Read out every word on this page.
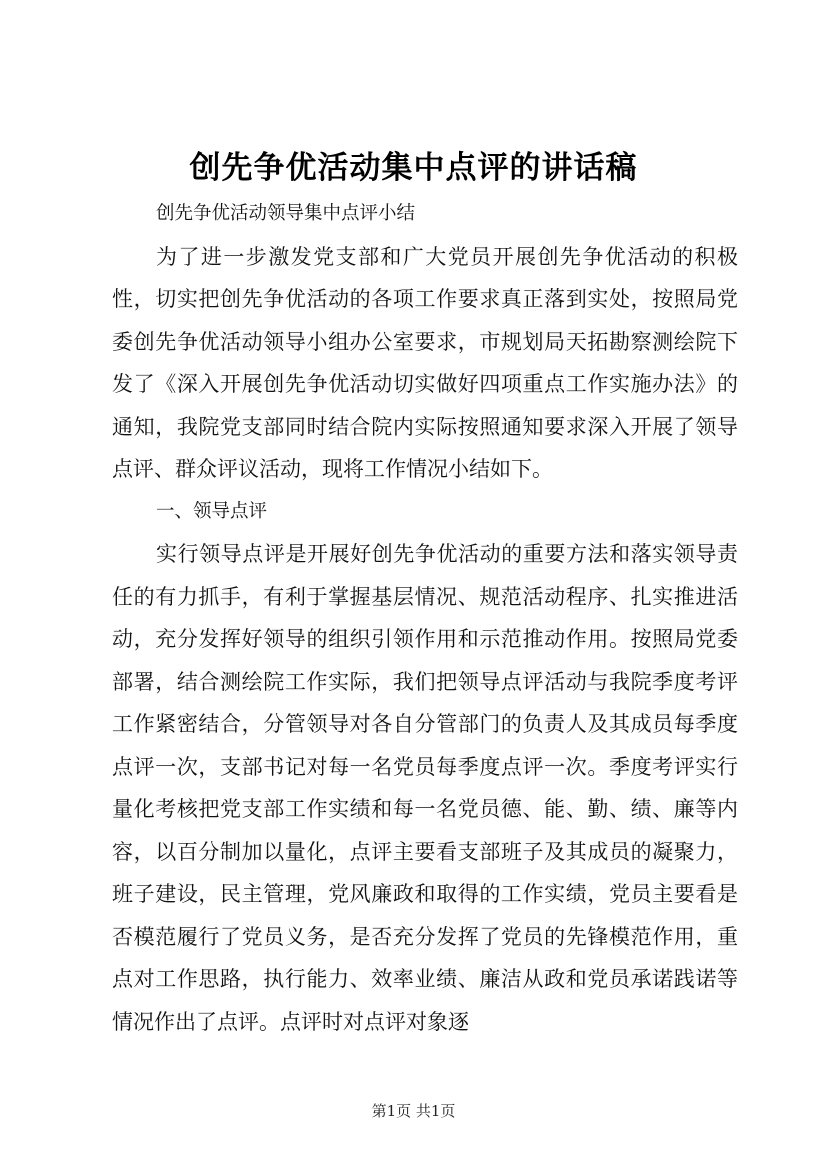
创先争优活动集中点评的讲话稿

创先争优活动领导集中点评小结

为了进一步激发党支部和广大党员开展创先争优活动的积极性，切实把创先争优活动的各项工作要求真正落到实处，按照局党委创先争优活动领导小组办公室要求，市规划局天拓勘察测绘院下发了《深入开展创先争优活动切实做好四项重点工作实施办法》的通知，我院党支部同时结合院内实际按照通知要求深入开展了领导点评、群众评议活动，现将工作情况小结如下。

一、领导点评

实行领导点评是开展好创先争优活动的重要方法和落实领导责任的有力抓手，有利于掌握基层情况、规范活动程序、扎实推进活动，充分发挥好领导的组织引领作用和示范推动作用。按照局党委部署，结合测绘院工作实际，我们把领导点评活动与我院季度考评工作紧密结合，分管领导对各自分管部门的负责人及其成员每季度点评一次，支部书记对每一名党员每季度点评一次。季度考评实行量化考核把党支部工作实绩和每一名党员德、能、勤、绩、廉等内容，以百分制加以量化，点评主要看支部班子及其成员的凝聚力，班子建设，民主管理，党风廉政和取得的工作实绩，党员主要看是否模范履行了党员义务，是否充分发挥了党员的先锋模范作用，重点对工作思路，执行能力、效率业绩、廉洁从政和党员承诺践诺等情况作出了点评。点评时对点评对象逐

第1页 共1页
